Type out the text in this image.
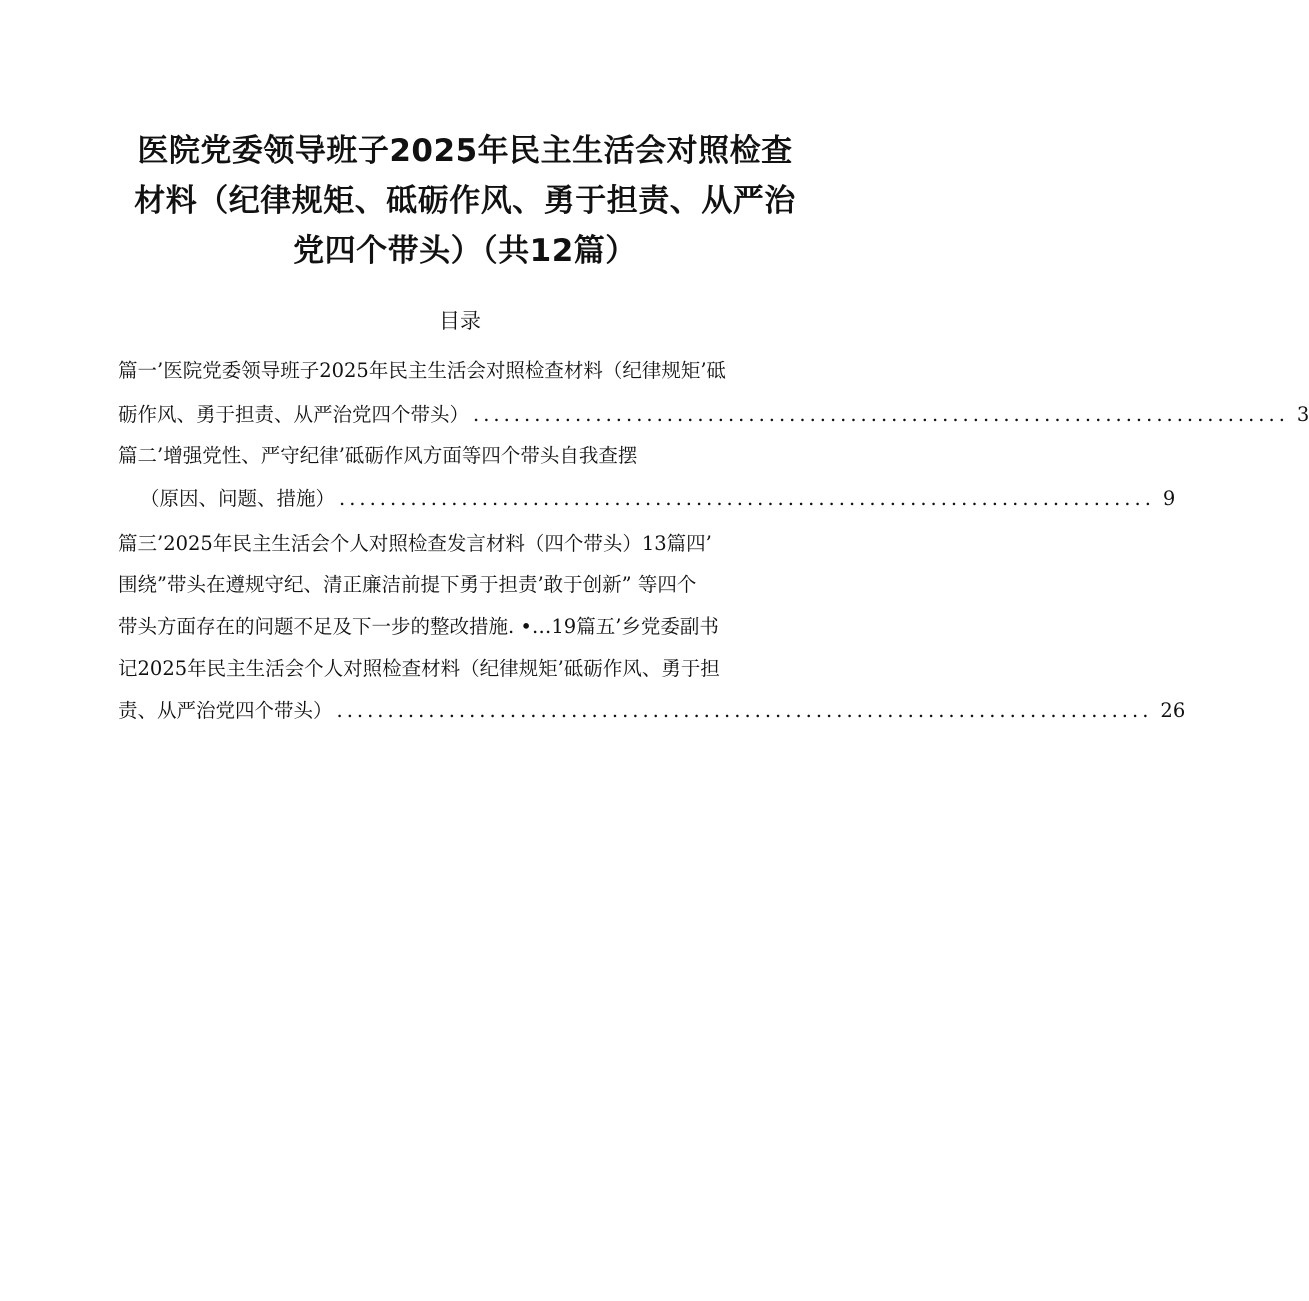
医院党委领导班子2025年民主生活会对照检查
材料（纪律规矩、砥砺作风、勇于担责、从严治
党四个带头）（共12篇）
目录
篇一’医院党委领导班子2025年民主生活会对照检查材料（纪律规矩’砥
砺作风、勇于担责、从严治党四个带头） ................................................................................ 3
篇二’增强党性、严守纪律’砥砺作风方面等四个带头自我查摆
（原因、问题、措施） ................................................................................ 9
篇三’2025年民主生活会个人对照检查发言材料（四个带头）13篇四’
围绕”带头在遵规守纪、清正廉洁前提下勇于担责’敢于创新” 等四个
带头方面存在的问题不足及下一步的整改措施. •…19篇五’乡党委副书
记2025年民主生活会个人对照检查材料（纪律规矩’砥砺作风、勇于担
责、从严治党四个带头） ................................................................................ 26
